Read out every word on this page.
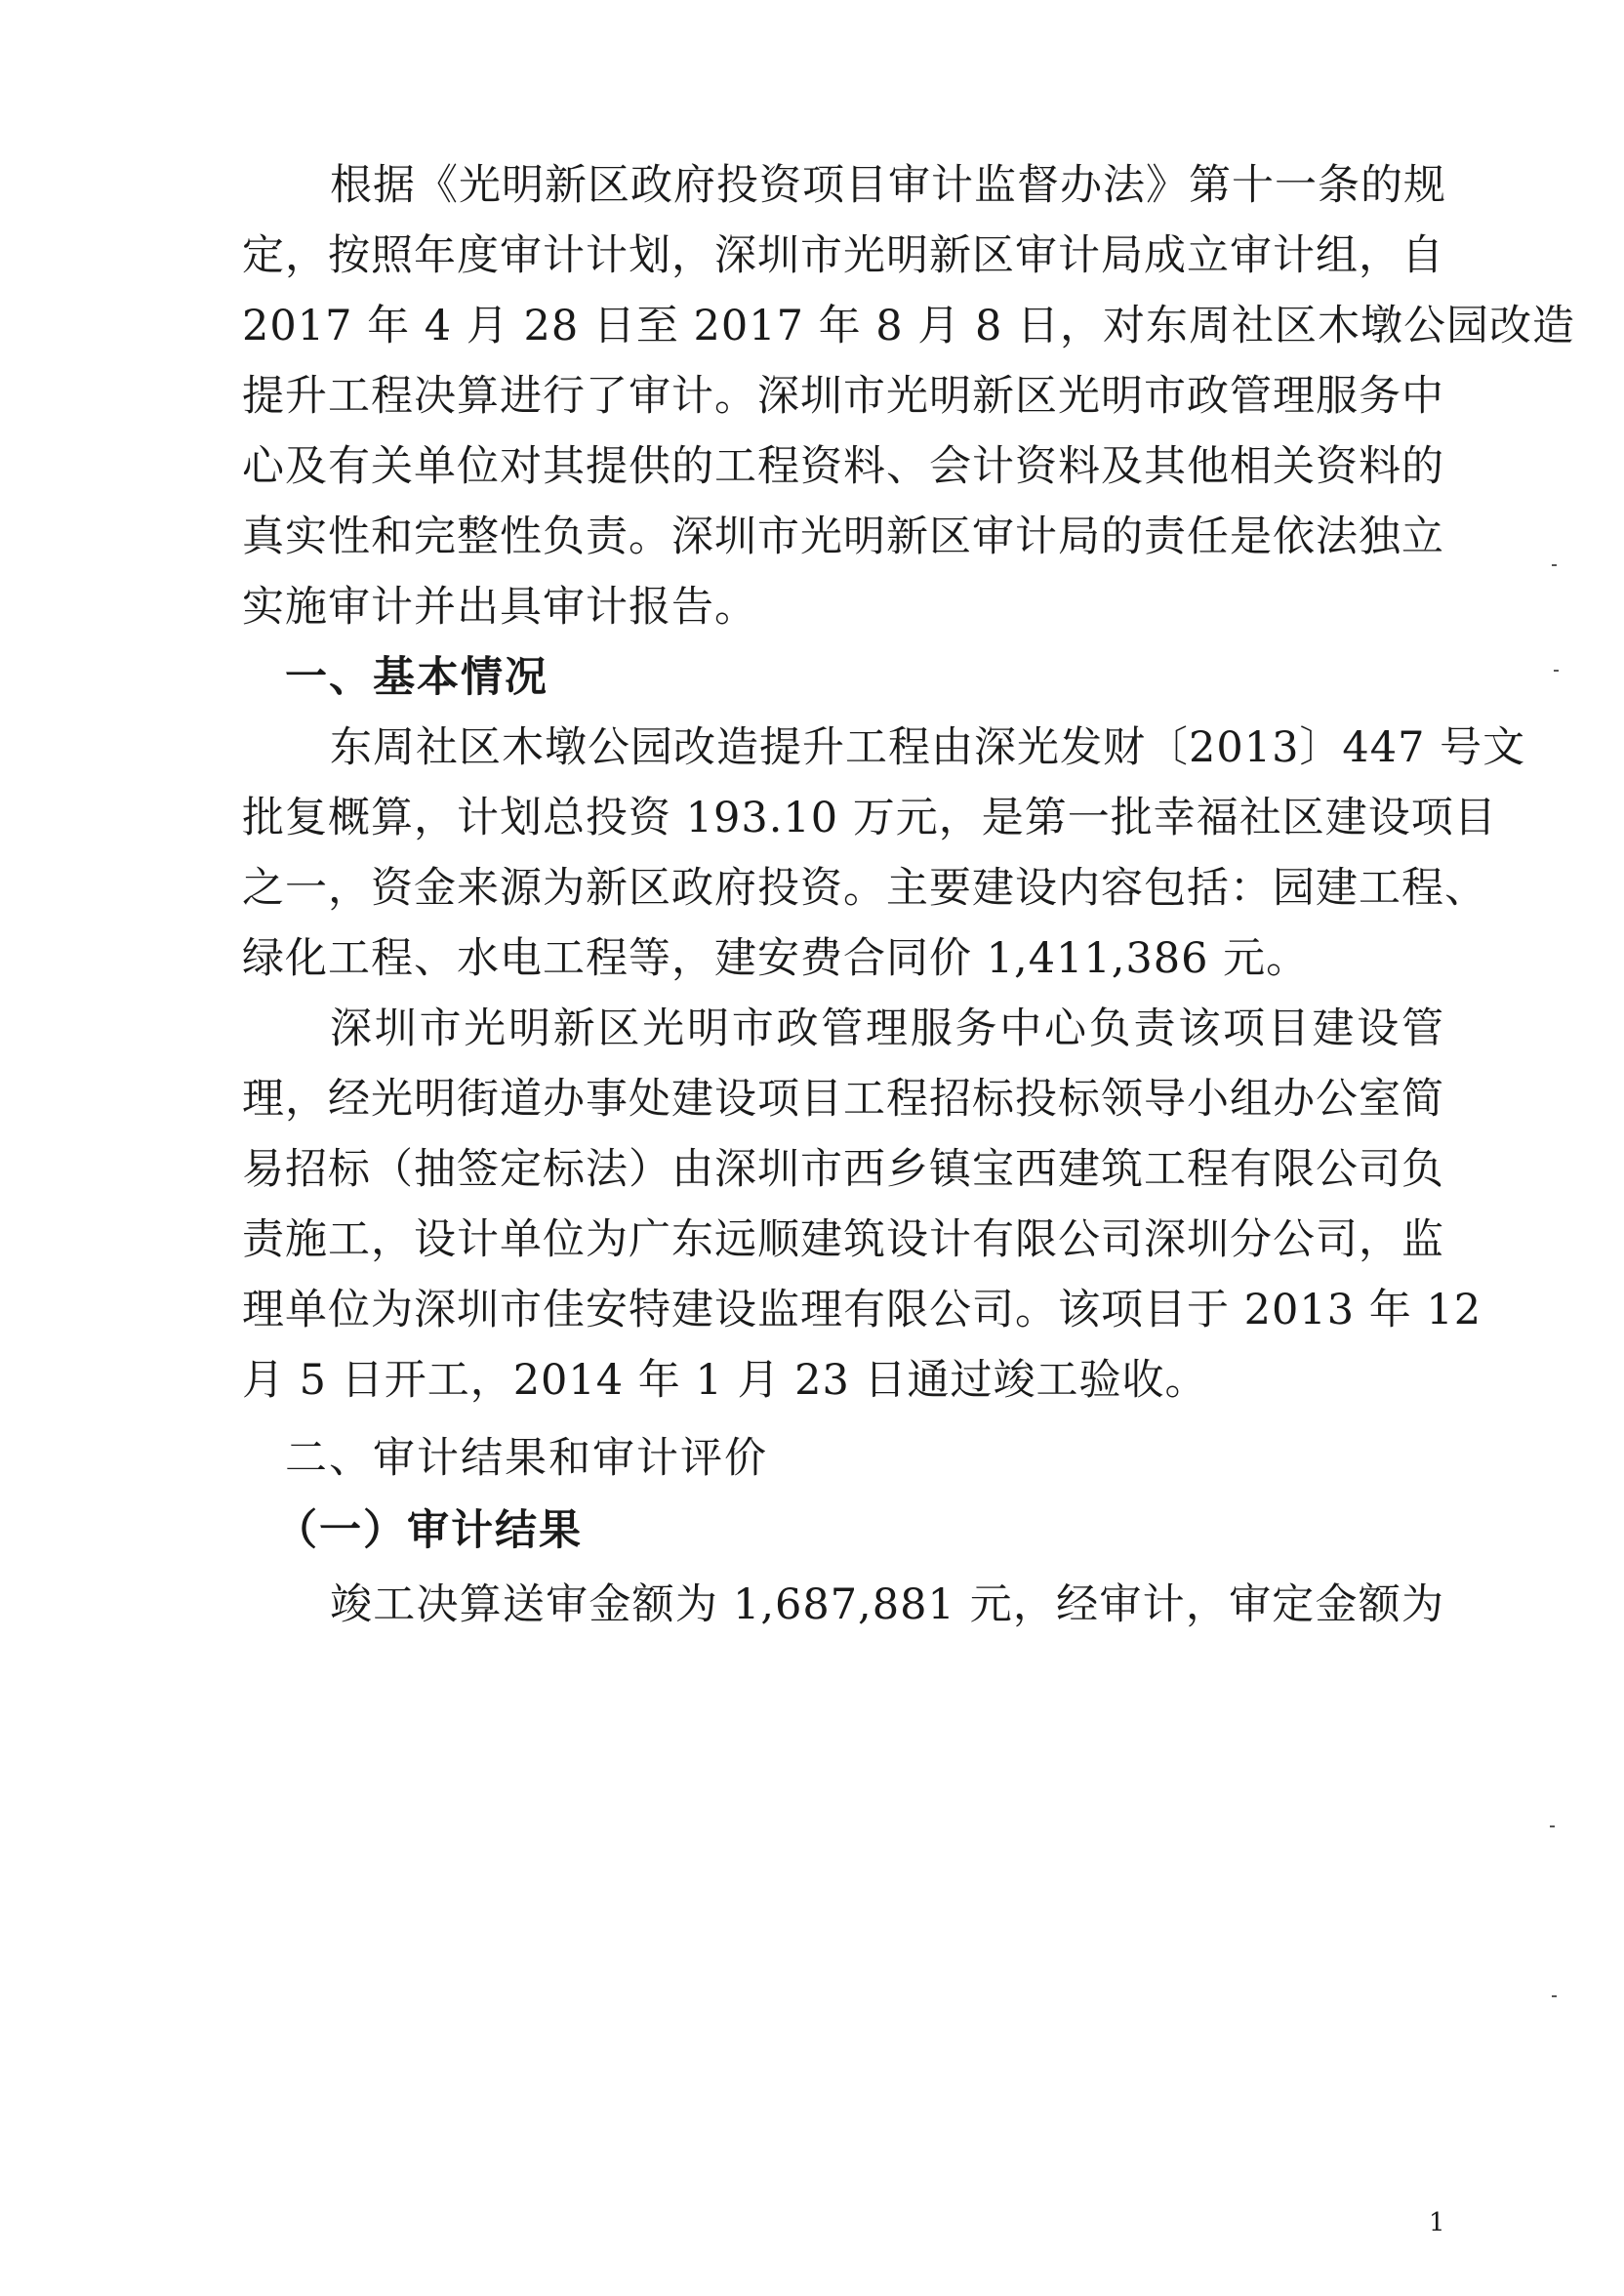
根据《光明新区政府投资项目审计监督办法》第十一条的规
定，按照年度审计计划，深圳市光明新区审计局成立审计组，自
2017 年 4 月 28 日至 2017 年 8 月 8 日，对东周社区木墩公园改造
提升工程决算进行了审计。深圳市光明新区光明市政管理服务中
心及有关单位对其提供的工程资料、会计资料及其他相关资料的
真实性和完整性负责。深圳市光明新区审计局的责任是依法独立
实施审计并出具审计报告。
一、基本情况
东周社区木墩公园改造提升工程由深光发财〔2013〕447 号文
批复概算，计划总投资 193.10 万元，是第一批幸福社区建设项目
之一，资金来源为新区政府投资。主要建设内容包括：园建工程、
绿化工程、水电工程等，建安费合同价 1,411,386 元。
深圳市光明新区光明市政管理服务中心负责该项目建设管
理，经光明街道办事处建设项目工程招标投标领导小组办公室简
易招标（抽签定标法）由深圳市西乡镇宝西建筑工程有限公司负
责施工，设计单位为广东远顺建筑设计有限公司深圳分公司，监
理单位为深圳市佳安特建设监理有限公司。该项目于 2013 年 12
月 5 日开工，2014 年 1 月 23 日通过竣工验收。
二、审计结果和审计评价
（一）审计结果
竣工决算送审金额为 1,687,881 元，经审计，审定金额为
1
